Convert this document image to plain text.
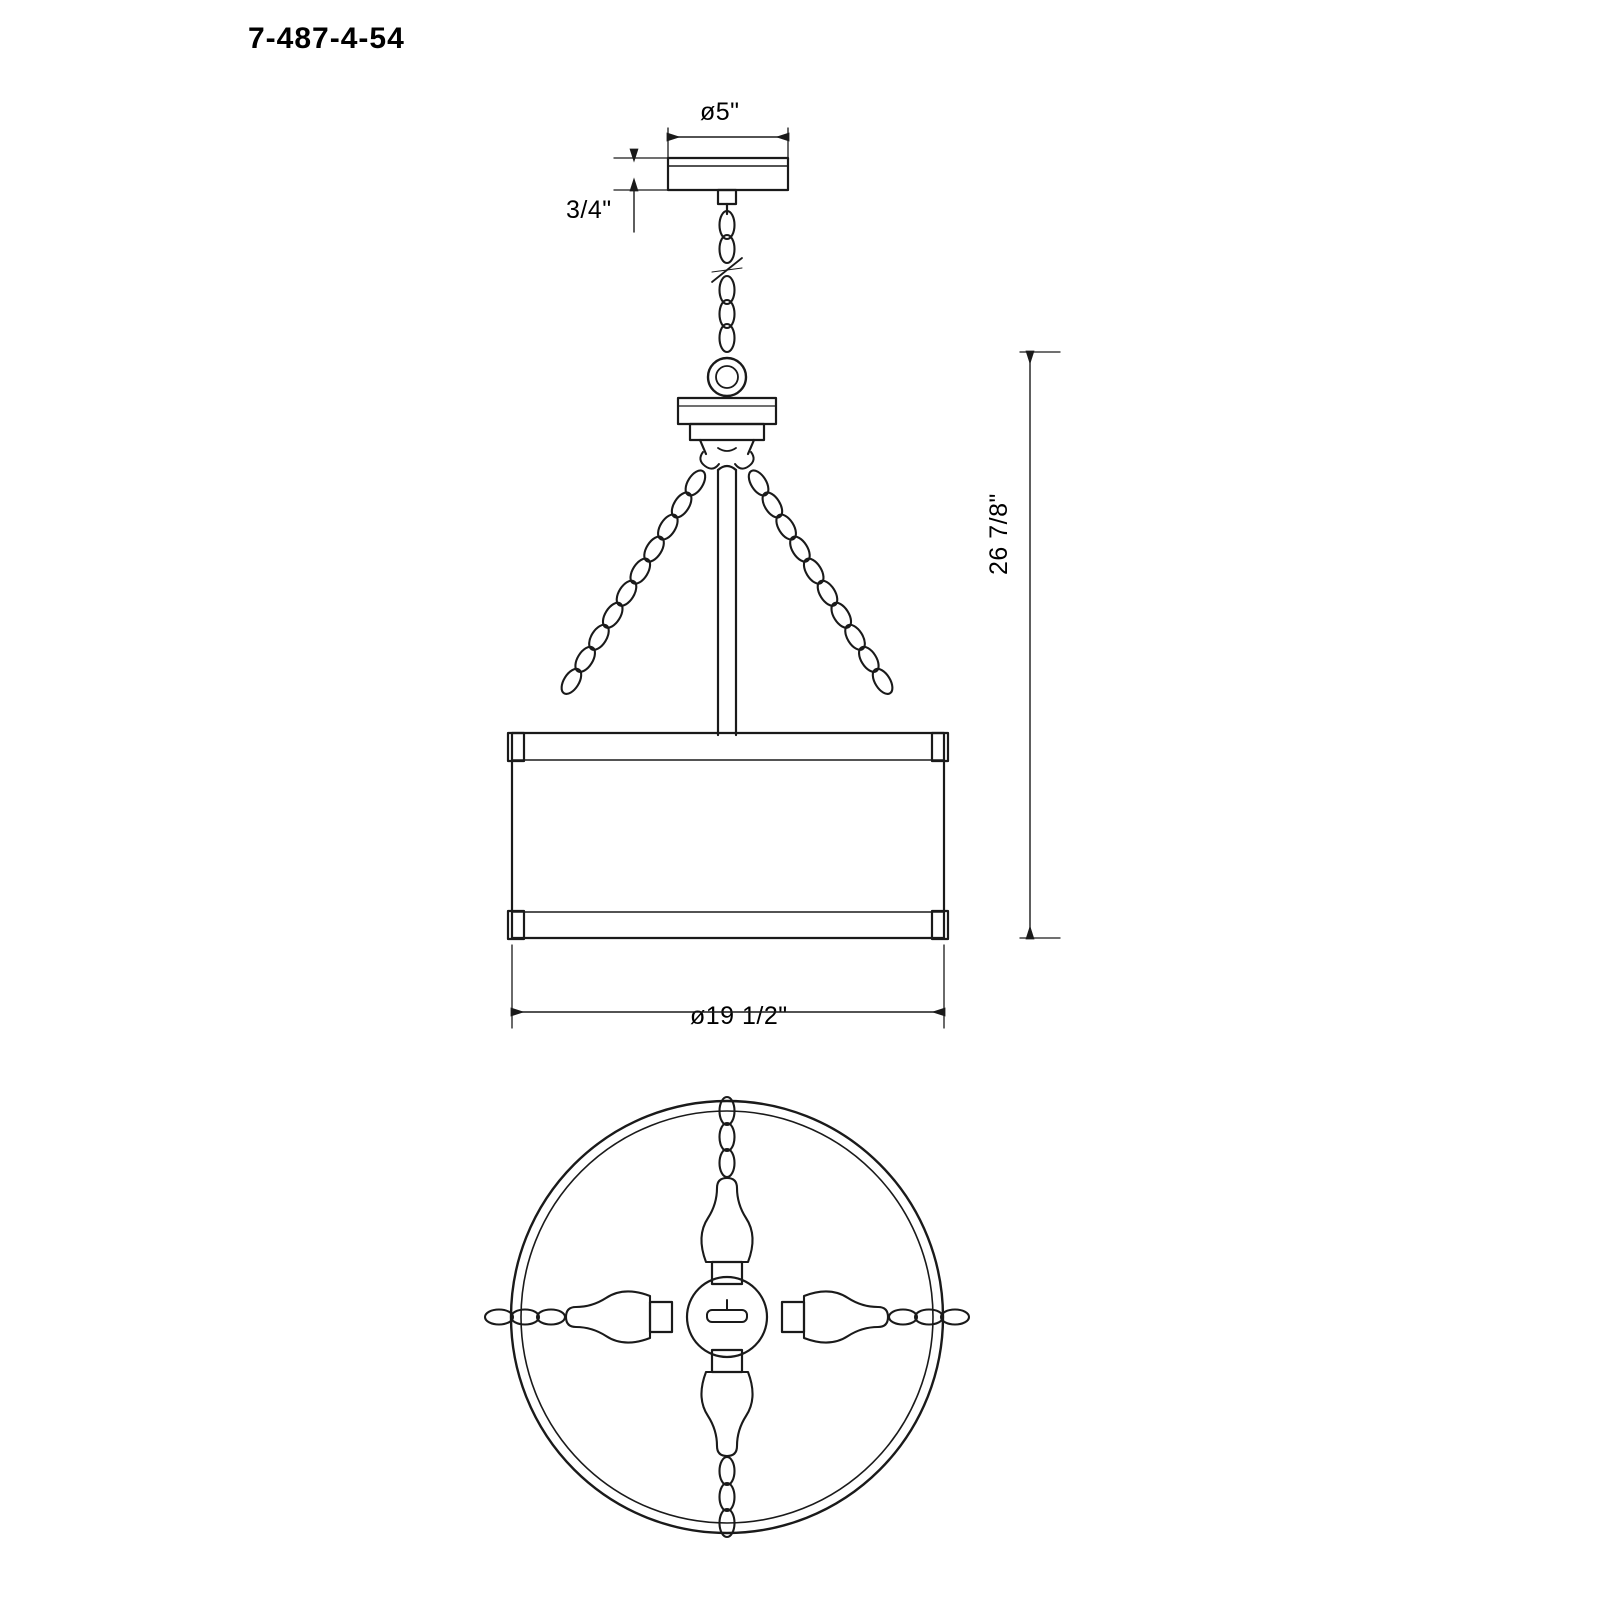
7-487-4-54
ø5"
3/4"
26 7/8"
ø19 1/2"
